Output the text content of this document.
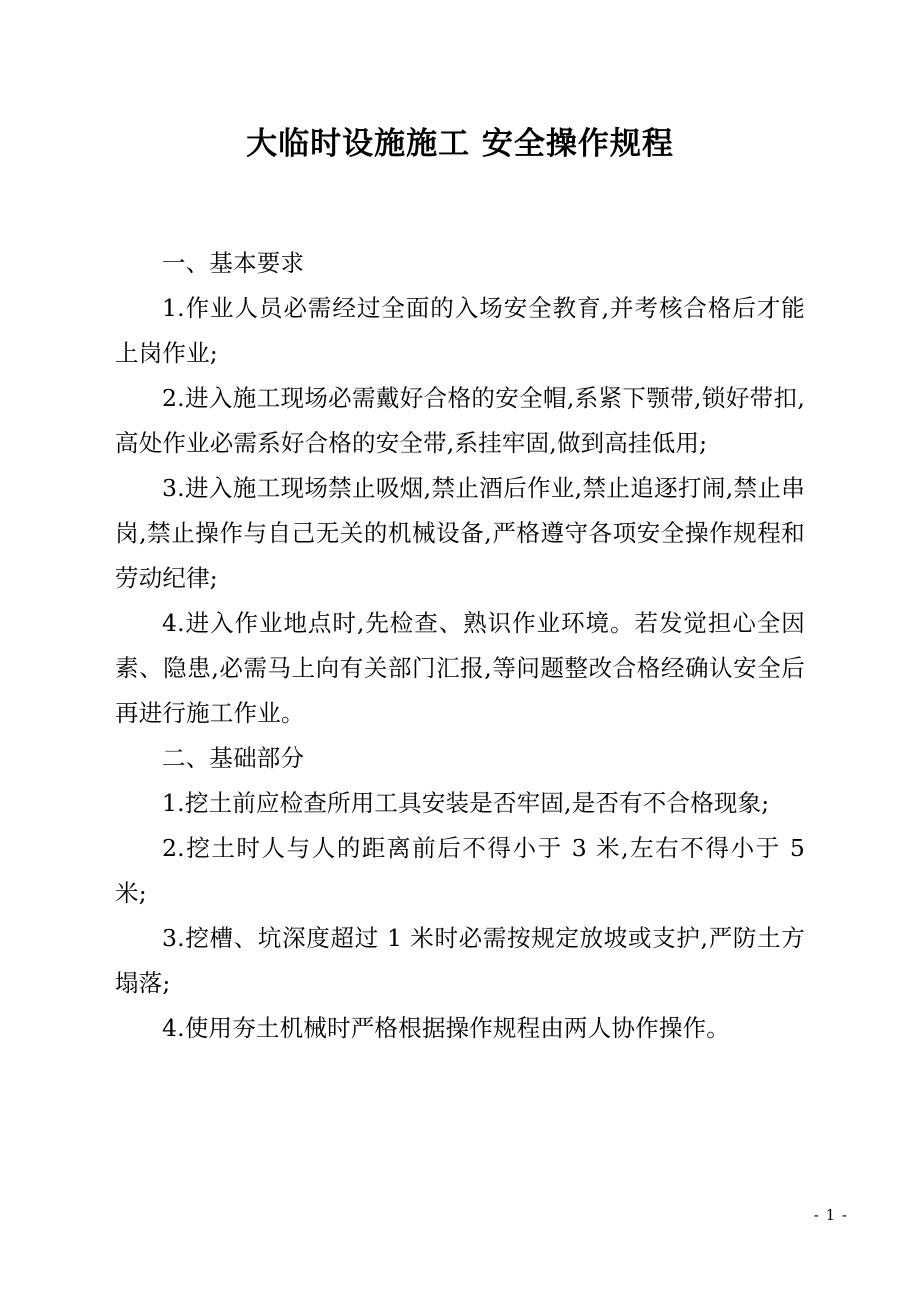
大临时设施施工 安全操作规程

一、基本要求

1.作业人员必需经过全面的入场安全教育,并考核合格后才能上岗作业;

2.进入施工现场必需戴好合格的安全帽,系紧下颚带,锁好带扣,高处作业必需系好合格的安全带,系挂牢固,做到高挂低用;

3.进入施工现场禁止吸烟,禁止酒后作业,禁止追逐打闹,禁止串岗,禁止操作与自己无关的机械设备,严格遵守各项安全操作规程和劳动纪律;

4.进入作业地点时,先检查、熟识作业环境。若发觉担心全因素、隐患,必需马上向有关部门汇报,等问题整改合格经确认安全后再进行施工作业。

二、基础部分

1.挖土前应检查所用工具安装是否牢固,是否有不合格现象;

2.挖土时人与人的距离前后不得小于 3 米,左右不得小于 5 米;

3.挖槽、坑深度超过 1 米时必需按规定放坡或支护,严防土方塌落;

4.使用夯土机械时严格根据操作规程由两人协作操作。

- 1 -
